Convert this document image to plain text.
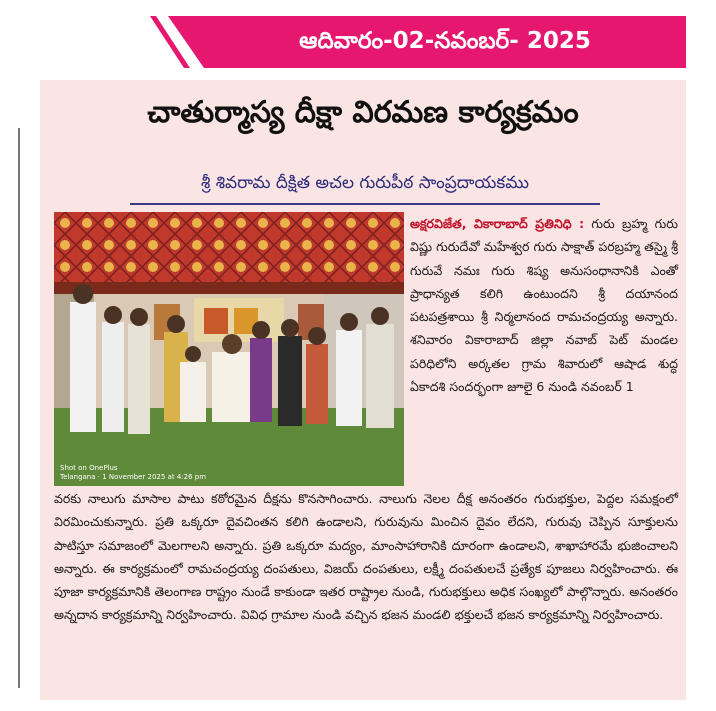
ఆదివారం-02-నవంబర్- 2025
చాతుర్మాస్య దీక్షా విరమణ కార్యక్రమం
శ్రీ శివరామ దీక్షిత అచల గురుపీఠ సాంప్రదాయకము
Shot on OnePlus
Telangana · 1 November 2025 at 4:26 pm

అక్షరవిజేత, వికారాబాద్ ప్రతినిధి : గురు బ్రహ్మ గురు విష్ణు గురుదేవో మహేశ్వర గురు సాక్షాత్ పరబ్రహ్మ తస్మై శ్రీ గురువే నమః గురు శిష్య అనుసంధానానికి ఎంతో ప్రాధాన్యత కలిగి ఉంటుందని శ్రీ దయానంద పటపత్రశాయి శ్రీ నిర్మలానంద రామచంద్రయ్య అన్నారు. శనివారం వికారాబాద్ జిల్లా నవాబ్ పెట్ మండల పరిధిలోని అర్కతల గ్రామ శివారులో ఆషాడ శుద్ధ ఏకాదశి సందర్భంగా జూలై 6 నుండి నవంబర్ 1

వరకు నాలుగు మాసాల పాటు కఠోరమైన దీక్షను కొనసాగించారు. నాలుగు నెలల దీక్ష అనంతరం గురుభక్తుల, పెద్దల సమక్షంలో విరమించుకున్నారు. ప్రతి ఒక్కరూ దైవచింతన కలిగి ఉండాలని, గురువును మించిన దైవం లేదని, గురువు చెప్పిన సూక్తులను పాటిస్తూ సమాజంలో మెలగాలని అన్నారు. ప్రతి ఒక్కరూ మద్యం, మాంసాహారానికి దూరంగా ఉండాలని, శాఖాహారమే భుజించాలని అన్నారు. ఈ కార్యక్రమంలో రామచంద్రయ్య దంపతులు, విజయ్ దంపతులు, లక్ష్మీ దంపతులచే ప్రత్యేక పూజలు నిర్వహించారు. ఈ పూజా కార్యక్రమానికి తెలంగాణ రాష్ట్రం నుండే కాకుండా ఇతర రాష్ట్రాల నుండి, గురుభక్తులు అధిక సంఖ్యలో పాల్గొన్నారు. అనంతరం అన్నదాన కార్యక్రమాన్ని నిర్వహించారు. వివిధ గ్రామాల నుండి వచ్చిన భజన మండలి భక్తులచే భజన కార్యక్రమాన్ని నిర్వహించారు.
